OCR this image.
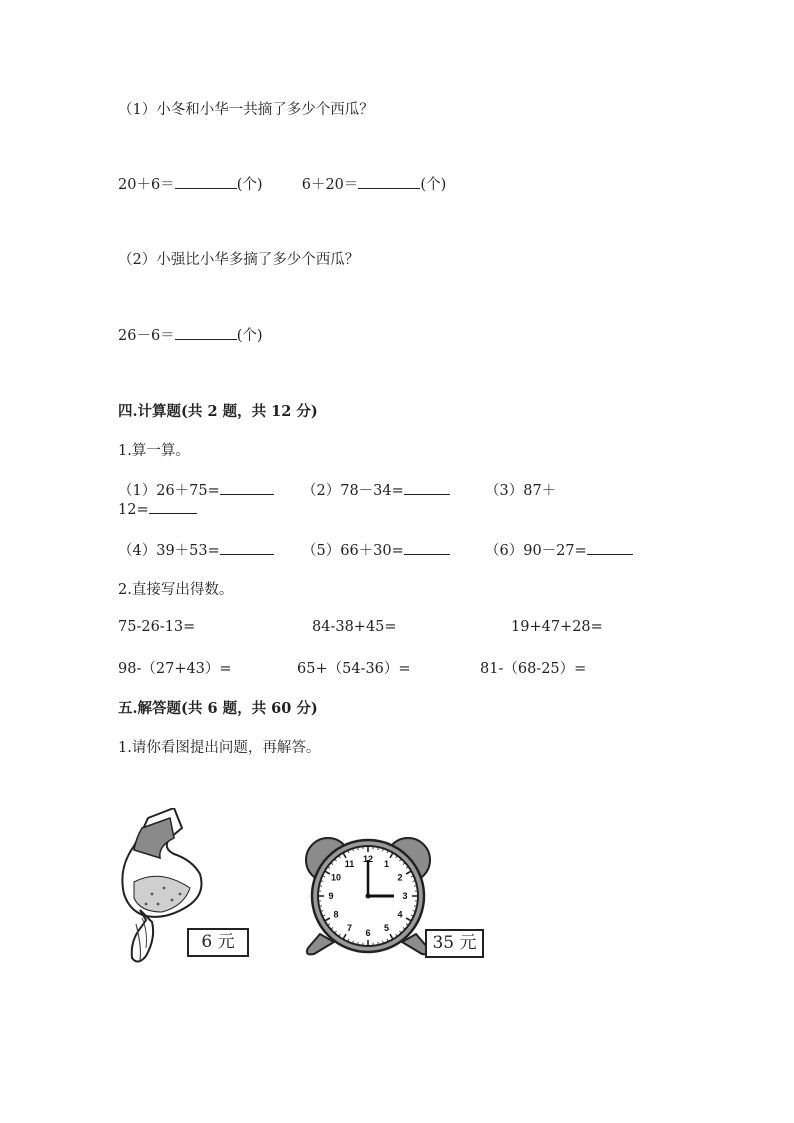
（1）小冬和小华一共摘了多少个西瓜？
20＋6＝	(个)	6＋20＝	(个)
（2）小强比小华多摘了多少个西瓜？
26－6＝	(个)
四.计算题(共 2 题，共 12 分)
1.算一算。
（1）26＋75=	（2）78－34=	（3）87＋
12=
（4）39＋53=	（5）66＋30=	（6）90－27=
2.直接写出得数。
75-26-13=	84-38+45=	19+47+28=
98-（27+43）=	65+（54-36）=	81-（68-25）=
五.解答题(共 6 题，共 60 分)
1.请你看图提出问题，再解答。
6 元
12 1
2
3
4
5
6
7
8
9
10
11
35 元
